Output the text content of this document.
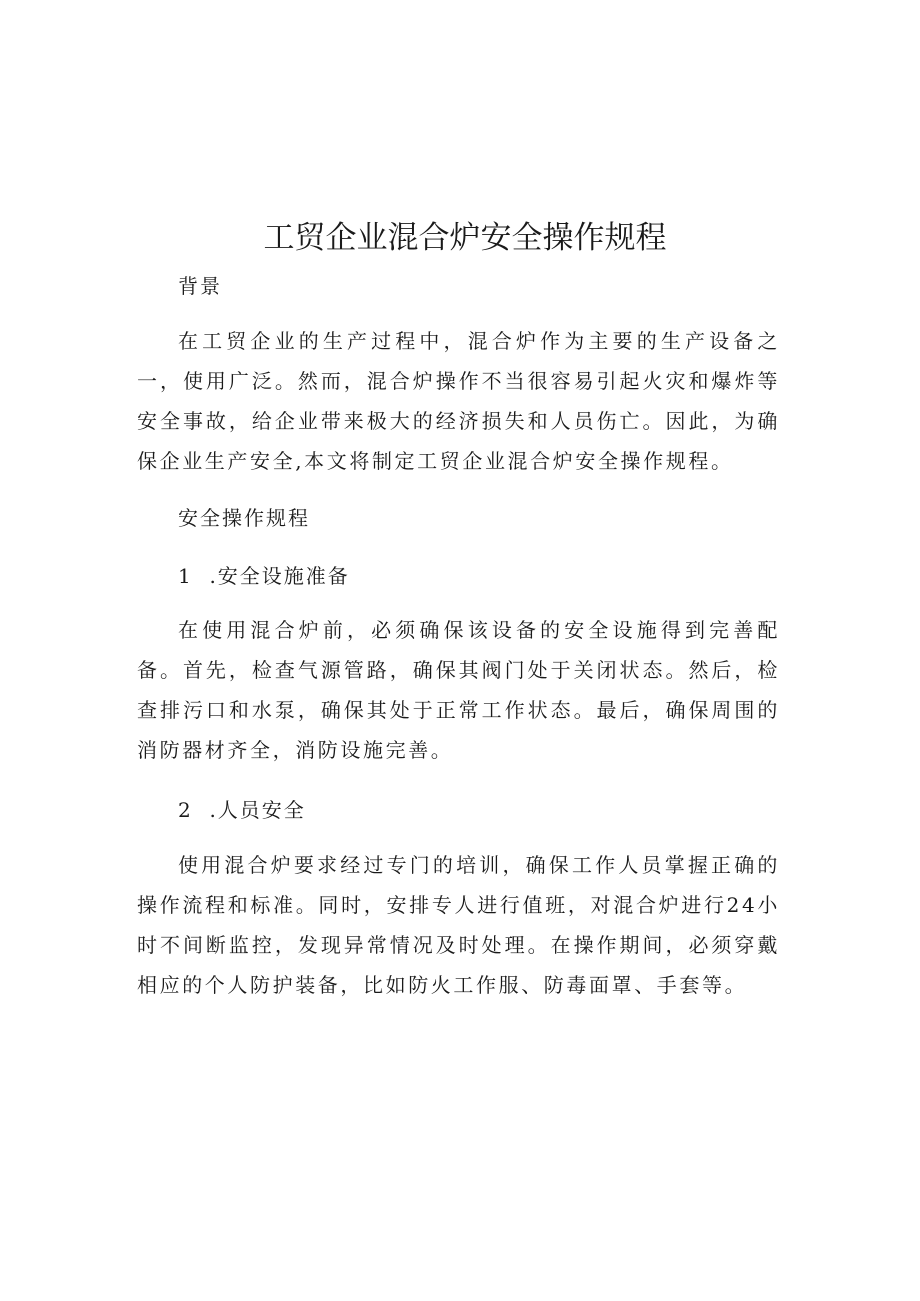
工贸企业混合炉安全操作规程

背景

在工贸企业的生产过程中，混合炉作为主要的生产设备之一，使用广泛。然而，混合炉操作不当很容易引起火灾和爆炸等安全事故，给企业带来极大的经济损失和人员伤亡。因此，为确保企业生产安全,本文将制定工贸企业混合炉安全操作规程。

安全操作规程

1  .安全设施准备

在使用混合炉前，必须确保该设备的安全设施得到完善配备。首先，检查气源管路，确保其阀门处于关闭状态。然后，检查排污口和水泵，确保其处于正常工作状态。最后，确保周围的消防器材齐全，消防设施完善。

2  .人员安全

使用混合炉要求经过专门的培训，确保工作人员掌握正确的操作流程和标准。同时，安排专人进行值班，对混合炉进行24小时不间断监控，发现异常情况及时处理。在操作期间，必须穿戴相应的个人防护装备，比如防火工作服、防毒面罩、手套等。
